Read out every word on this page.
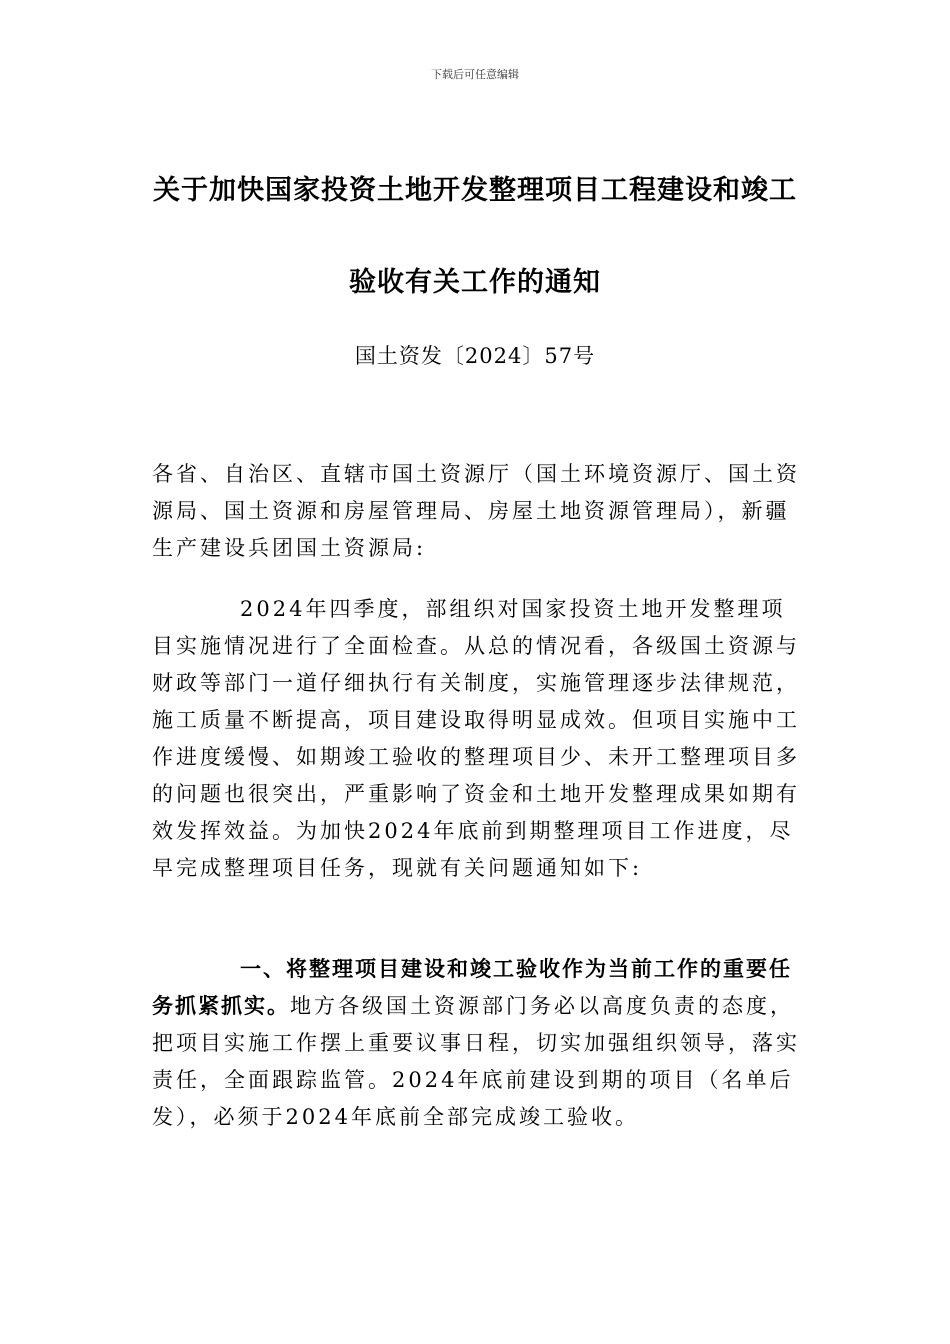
下载后可任意编辑
关于加快国家投资土地开发整理项目工程建设和竣工
验收有关工作的通知
国土资发〔2024〕57号
各省、自治区、直辖市国土资源厅（国土环境资源厅、国土资源局、国土资源和房屋管理局、房屋土地资源管理局），新疆生产建设兵团国土资源局:
2024年四季度，部组织对国家投资土地开发整理项目实施情况进行了全面检查。从总的情况看，各级国土资源与财政等部门一道仔细执行有关制度，实施管理逐步法律规范，施工质量不断提高，项目建设取得明显成效。但项目实施中工作进度缓慢、如期竣工验收的整理项目少、未开工整理项目多的问题也很突出，严重影响了资金和土地开发整理成果如期有效发挥效益。为加快2024年底前到期整理项目工作进度，尽早完成整理项目任务，现就有关问题通知如下:
一、将整理项目建设和竣工验收作为当前工作的重要任务抓紧抓实。地方各级国土资源部门务必以高度负责的态度，把项目实施工作摆上重要议事日程，切实加强组织领导，落实责任，全面跟踪监管。2024年底前建设到期的项目（名单后发），必须于2024年底前全部完成竣工验收。
